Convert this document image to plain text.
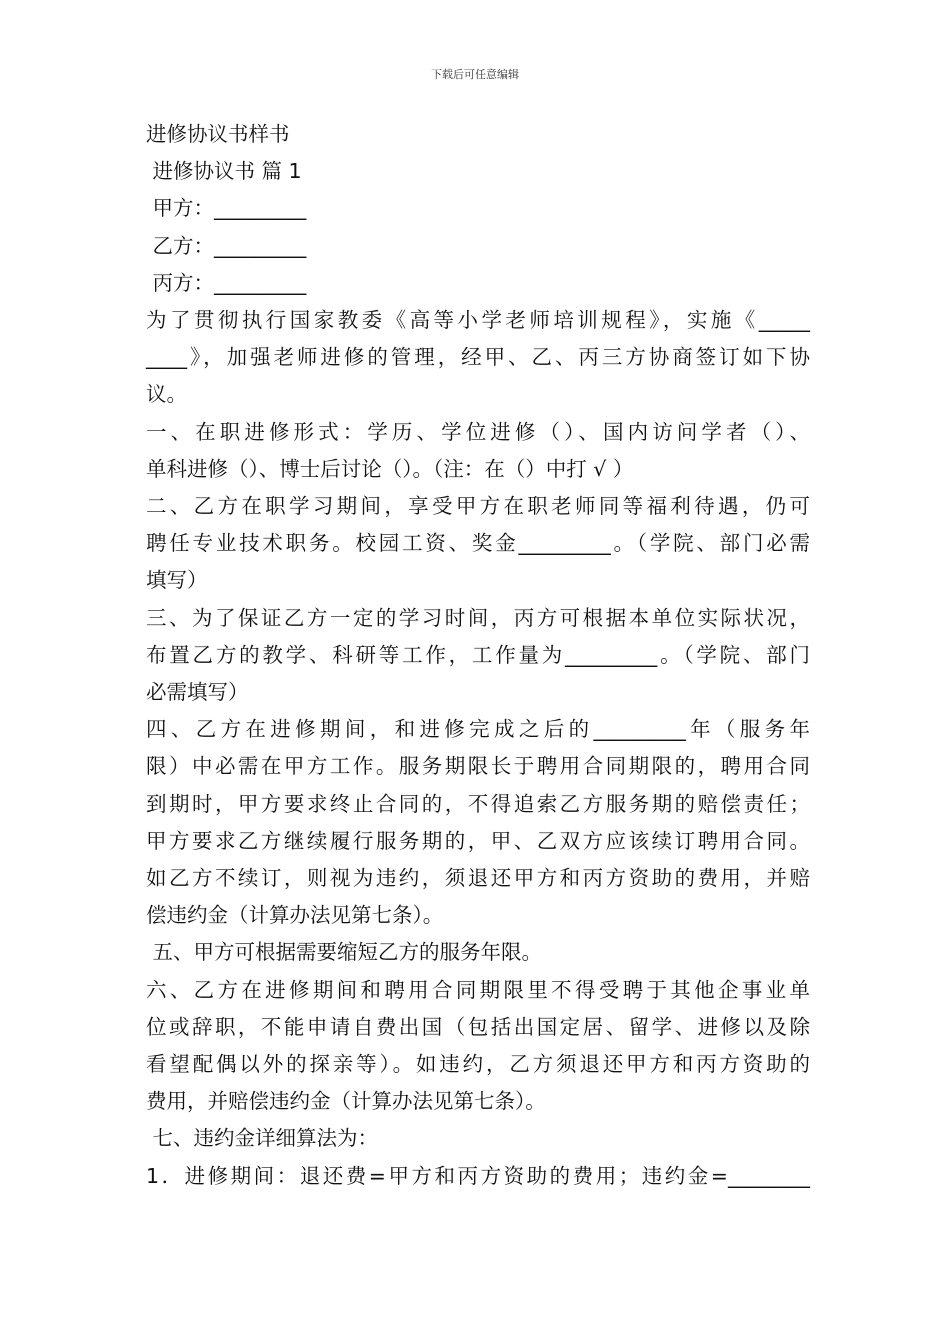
下载后可任意编辑

进修协议书样书

进修协议书 篇 1

甲方：_________

乙方：_________

丙方：_________

为了贯彻执行国家教委《高等小学老师培训规程》，实施《_____

____》，加强老师进修的管理，经甲、乙、丙三方协商签订如下协

议。

一、在职进修形式：学历、学位进修（）、国内访问学者（）、

单科进修（）、博士后讨论（）。（注：在（）中打 √ ）

二、乙方在职学习期间，享受甲方在职老师同等福利待遇，仍可

聘任专业技术职务。校园工资、奖金_________。（学院、部门必需

填写）

三、为了保证乙方一定的学习时间，丙方可根据本单位实际状况，

布置乙方的教学、科研等工作，工作量为_________。（学院、部门

必需填写）

四、乙方在进修期间，和进修完成之后的_________年（服务年

限）中必需在甲方工作。服务期限长于聘用合同期限的，聘用合同

到期时，甲方要求终止合同的，不得追索乙方服务期的赔偿责任；

甲方要求乙方继续履行服务期的，甲、乙双方应该续订聘用合同。

如乙方不续订，则视为违约，须退还甲方和丙方资助的费用，并赔

偿违约金（计算办法见第七条）。

五、甲方可根据需要缩短乙方的服务年限。

六、乙方在进修期间和聘用合同期限里不得受聘于其他企事业单

位或辞职，不能申请自费出国（包括出国定居、留学、进修以及除

看望配偶以外的探亲等）。如违约，乙方须退还甲方和丙方资助的

费用，并赔偿违约金（计算办法见第七条）。

七、违约金详细算法为：

1．进修期间：退还费=甲方和丙方资助的费用；违约金=________
